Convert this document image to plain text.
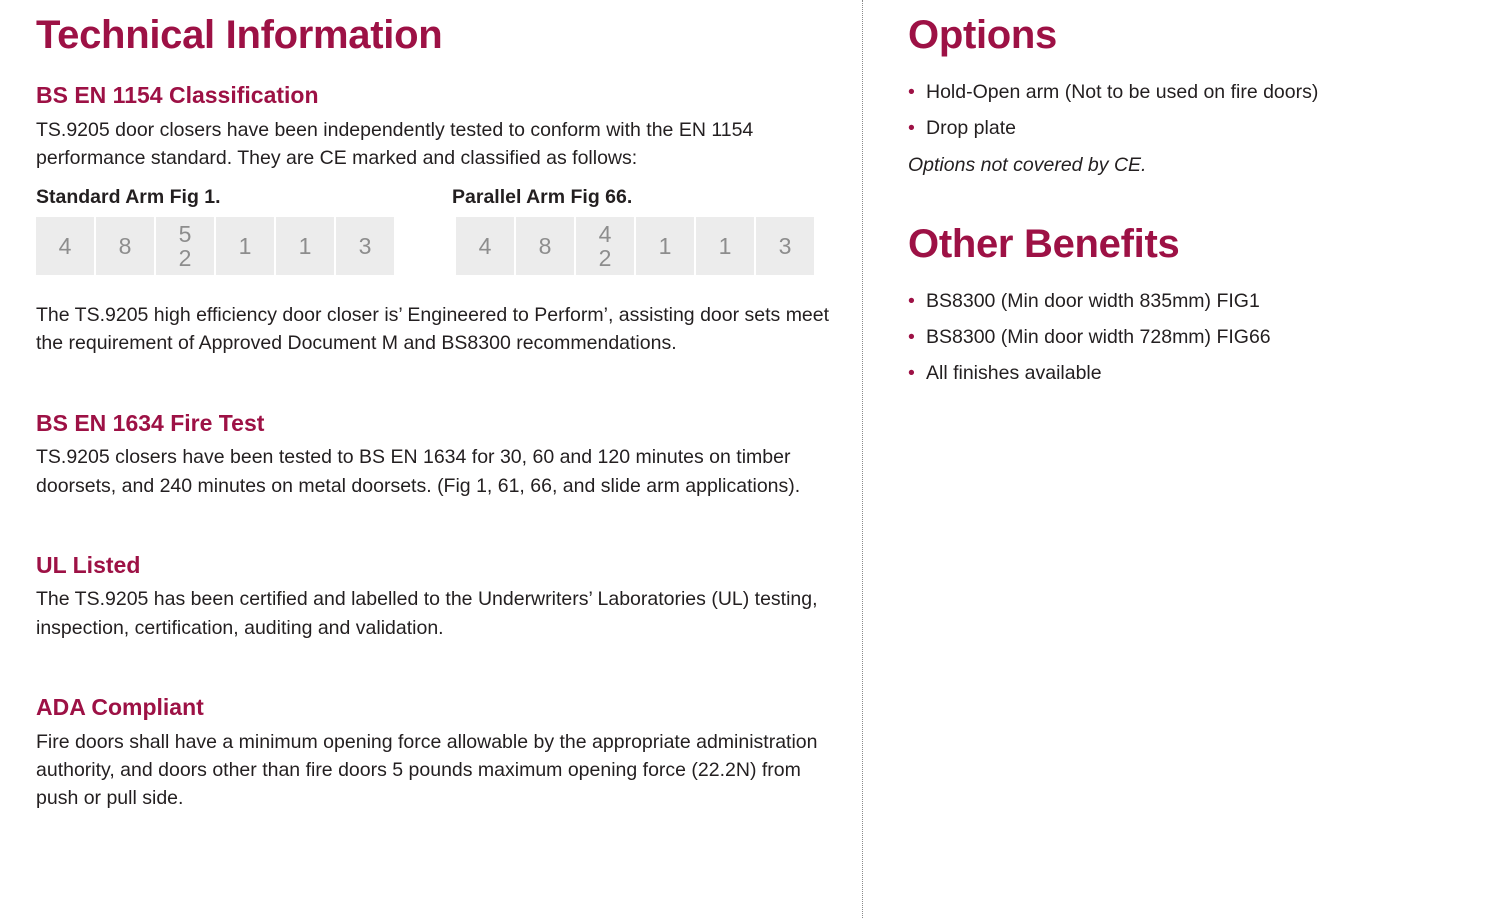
Technical Information
BS EN 1154 Classification

TS.9205 door closers have been independently tested to conform with the EN 1154 performance standard. They are CE marked and classified as follows:

Standard Arm Fig 1.	Parallel Arm Fig 66.
4 8 5
2 1 1 3	4 8 4
2 1 1 3

The TS.9205 high efficiency door closer is’ Engineered to Perform’, assisting door sets meet the requirement of Approved Document M and BS8300 recommendations.

BS EN 1634 Fire Test

TS.9205 closers have been tested to BS EN 1634 for 30, 60 and 120 minutes on timber doorsets, and 240 minutes on metal doorsets. (Fig 1, 61, 66, and slide arm applications).

UL Listed

The TS.9205 has been certified and labelled to the Underwriters’ Laboratories (UL) testing, inspection, certification, auditing and validation.

ADA Compliant

Fire doors shall have a minimum opening force allowable by the appropriate administration authority, and doors other than fire doors 5 pounds maximum opening force (22.2N) from push or pull side.

Options
• Hold-Open arm (Not to be used on fire doors)
• Drop plate

Options not covered by CE.

Other Benefits
• BS8300 (Min door width 835mm) FIG1
• BS8300 (Min door width 728mm) FIG66
• All finishes available
